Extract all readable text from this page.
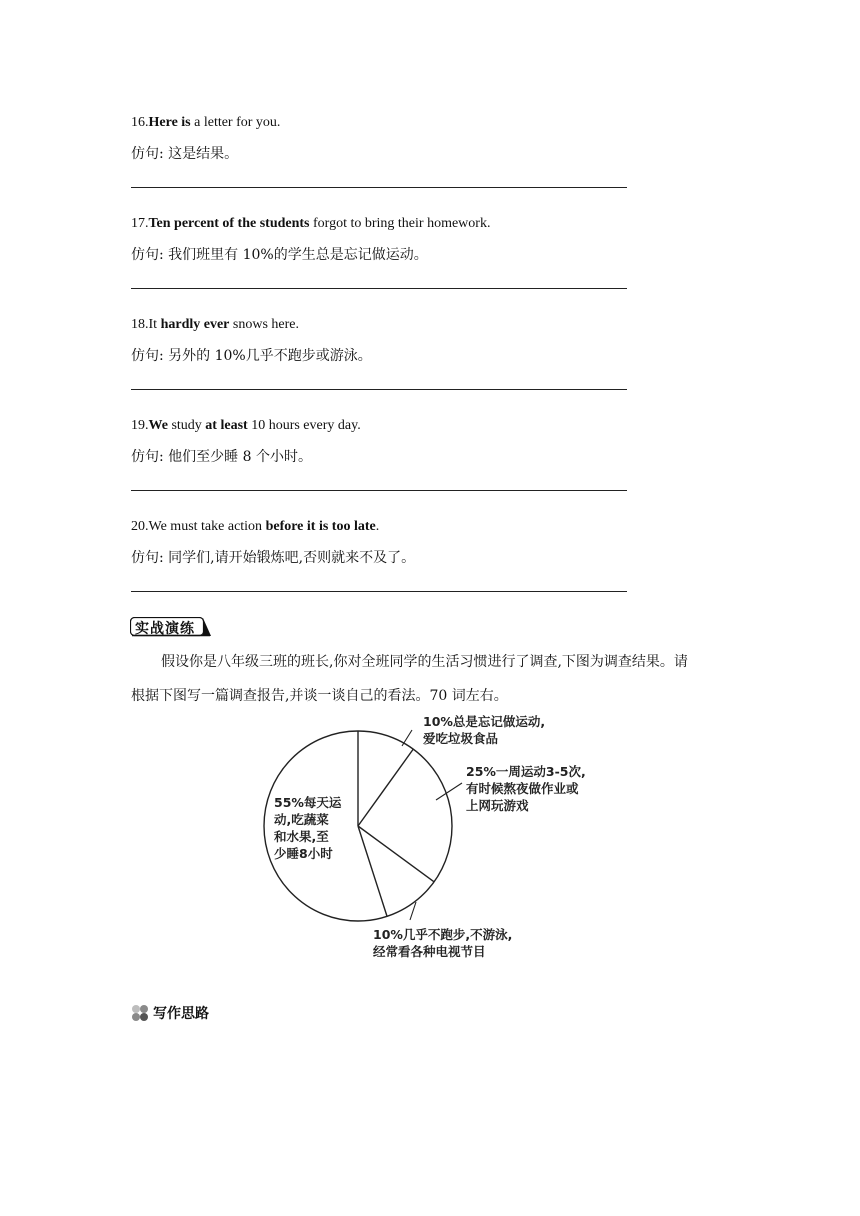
16.Here is a letter for you.
仿句: 这是结果。
17.Ten percent of the students forgot to bring their homework.
仿句: 我们班里有 10%的学生总是忘记做运动。
18.It hardly ever snows here.
仿句: 另外的 10%几乎不跑步或游泳。
19.We study at least 10 hours every day.
仿句: 他们至少睡 8 个小时。
20.We must take action before it is too late.
仿句: 同学们,请开始锻炼吧,否则就来不及了。
实战演练
假设你是八年级三班的班长,你对全班同学的生活习惯进行了调查,下图为调查结果。请
根据下图写一篇调查报告,并谈一谈自己的看法。70 词左右。
10%总是忘记做运动,
爱吃垃圾食品
25%一周运动3-5次,
有时候熬夜做作业或
上网玩游戏
10%几乎不跑步,不游泳,
经常看各种电视节目
55%每天运
动,吃蔬菜
和水果,至
少睡8小时
写作思路
